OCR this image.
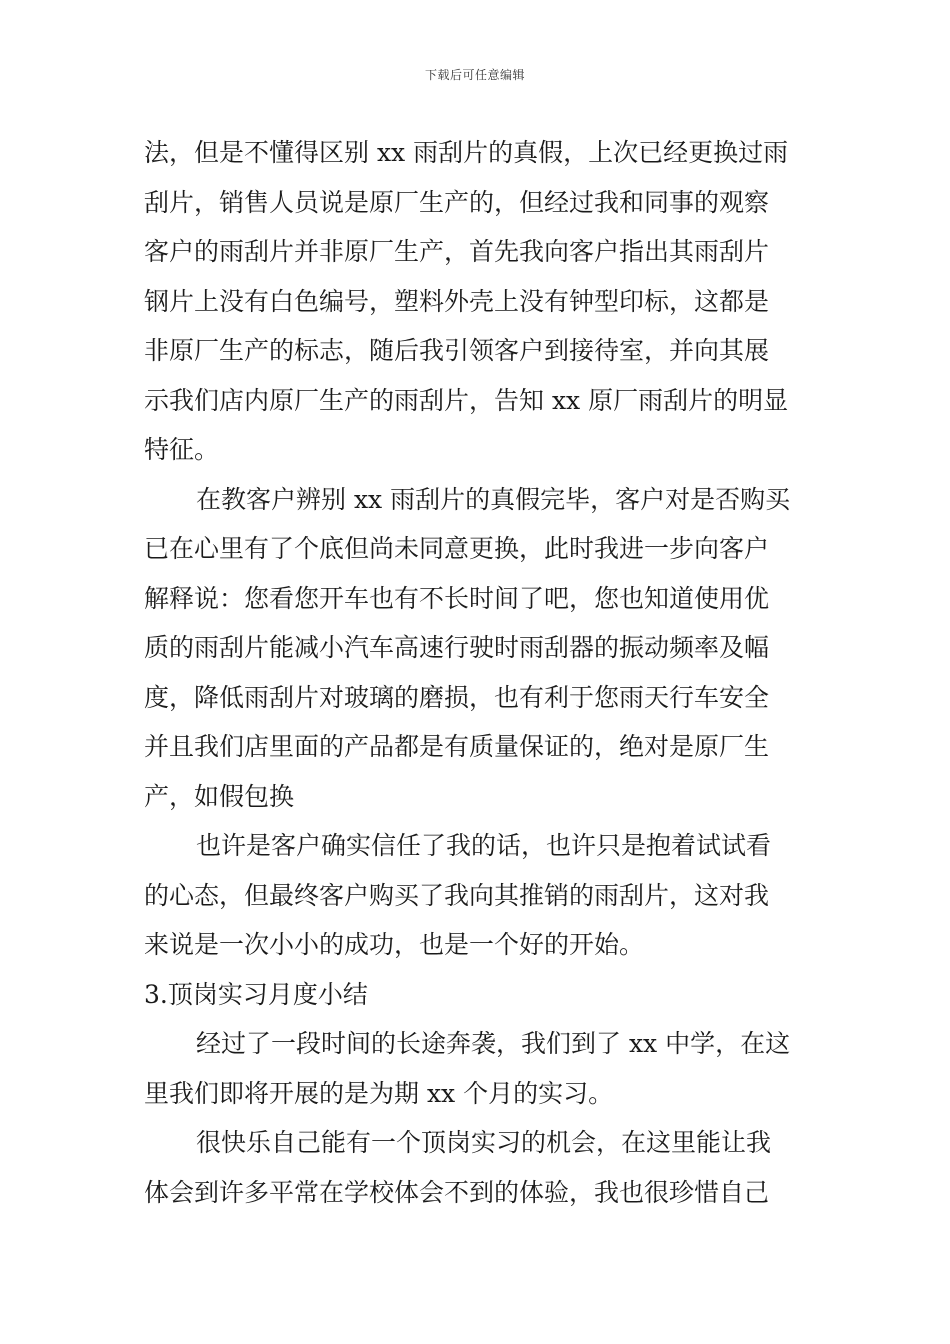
下载后可任意编辑
法，但是不懂得区别 xx 雨刮片的真假，上次已经更换过雨
刮片，销售人员说是原厂生产的，但经过我和同事的观察
客户的雨刮片并非原厂生产，首先我向客户指出其雨刮片
钢片上没有白色编号，塑料外壳上没有钟型印标，这都是
非原厂生产的标志，随后我引领客户到接待室，并向其展
示我们店内原厂生产的雨刮片，告知 xx 原厂雨刮片的明显
特征。
在教客户辨别 xx 雨刮片的真假完毕，客户对是否购买
已在心里有了个底但尚未同意更换，此时我进一步向客户
解释说：您看您开车也有不长时间了吧，您也知道使用优
质的雨刮片能减小汽车高速行驶时雨刮器的振动频率及幅
度，降低雨刮片对玻璃的磨损，也有利于您雨天行车安全
并且我们店里面的产品都是有质量保证的，绝对是原厂生
产，如假包换
也许是客户确实信任了我的话，也许只是抱着试试看
的心态，但最终客户购买了我向其推销的雨刮片，这对我
来说是一次小小的成功，也是一个好的开始。
3.顶岗实习月度小结
经过了一段时间的长途奔袭，我们到了 xx 中学，在这
里我们即将开展的是为期 xx 个月的实习。
很快乐自己能有一个顶岗实习的机会，在这里能让我
体会到许多平常在学校体会不到的体验，我也很珍惜自己
